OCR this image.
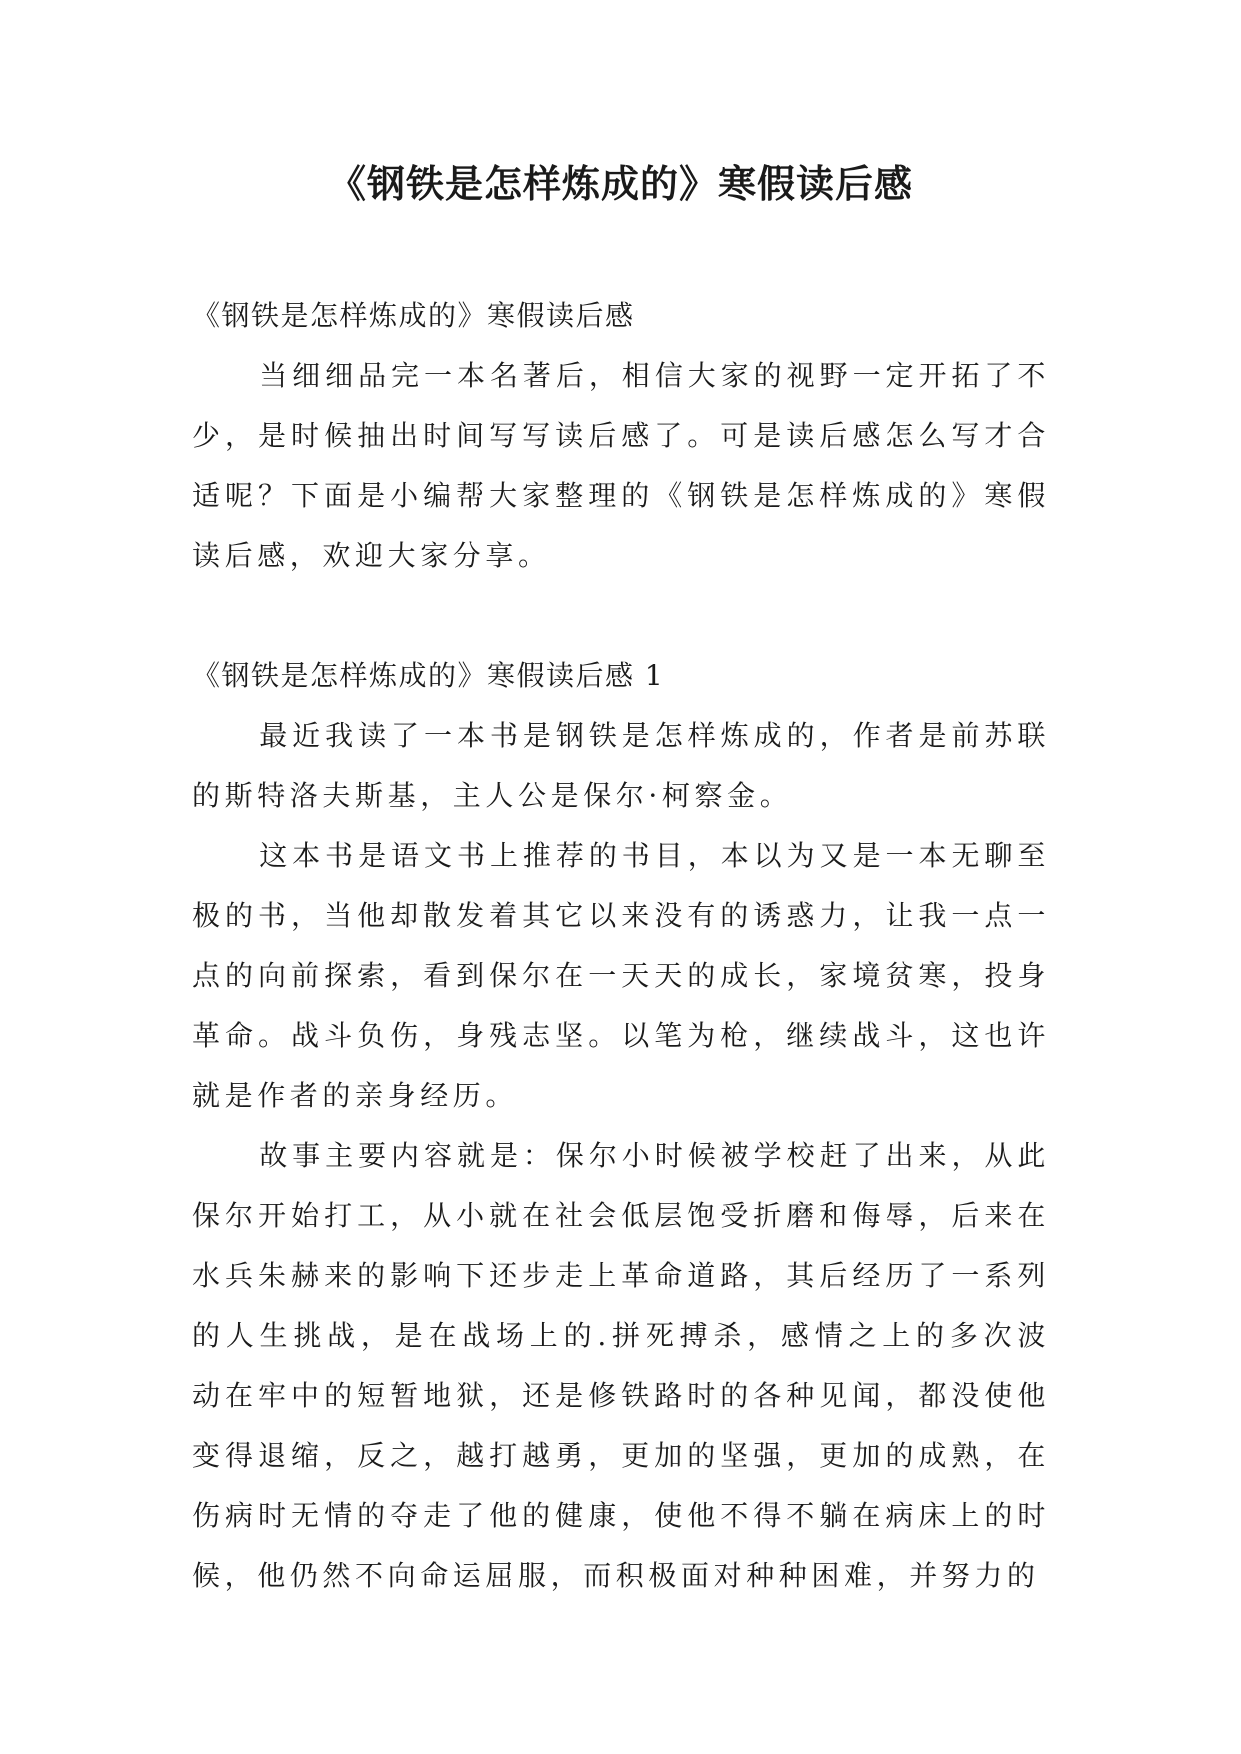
《钢铁是怎样炼成的》寒假读后感

《钢铁是怎样炼成的》寒假读后感

当细细品完一本名著后，相信大家的视野一定开拓了不少，是时候抽出时间写写读后感了。可是读后感怎么写才合适呢？下面是小编帮大家整理的《钢铁是怎样炼成的》寒假读后感，欢迎大家分享。

《钢铁是怎样炼成的》寒假读后感 1

最近我读了一本书是钢铁是怎样炼成的，作者是前苏联的斯特洛夫斯基，主人公是保尔·柯察金。

这本书是语文书上推荐的书目，本以为又是一本无聊至极的书，当他却散发着其它以来没有的诱惑力，让我一点一点的向前探索，看到保尔在一天天的成长，家境贫寒，投身革命。战斗负伤，身残志坚。以笔为枪，继续战斗，这也许就是作者的亲身经历。

故事主要内容就是：保尔小时候被学校赶了出来，从此保尔开始打工，从小就在社会低层饱受折磨和侮辱，后来在水兵朱赫来的影响下还步走上革命道路，其后经历了一系列的人生挑战，是在战场上的.拼死搏杀，感情之上的多次波动在牢中的短暂地狱，还是修铁路时的各种见闻，都没使他变得退缩，反之，越打越勇，更加的坚强，更加的成熟，在伤病时无情的夺走了他的健康，使他不得不躺在病床上的时候，他仍然不向命运屈服，而积极面对种种困难，并努力的
